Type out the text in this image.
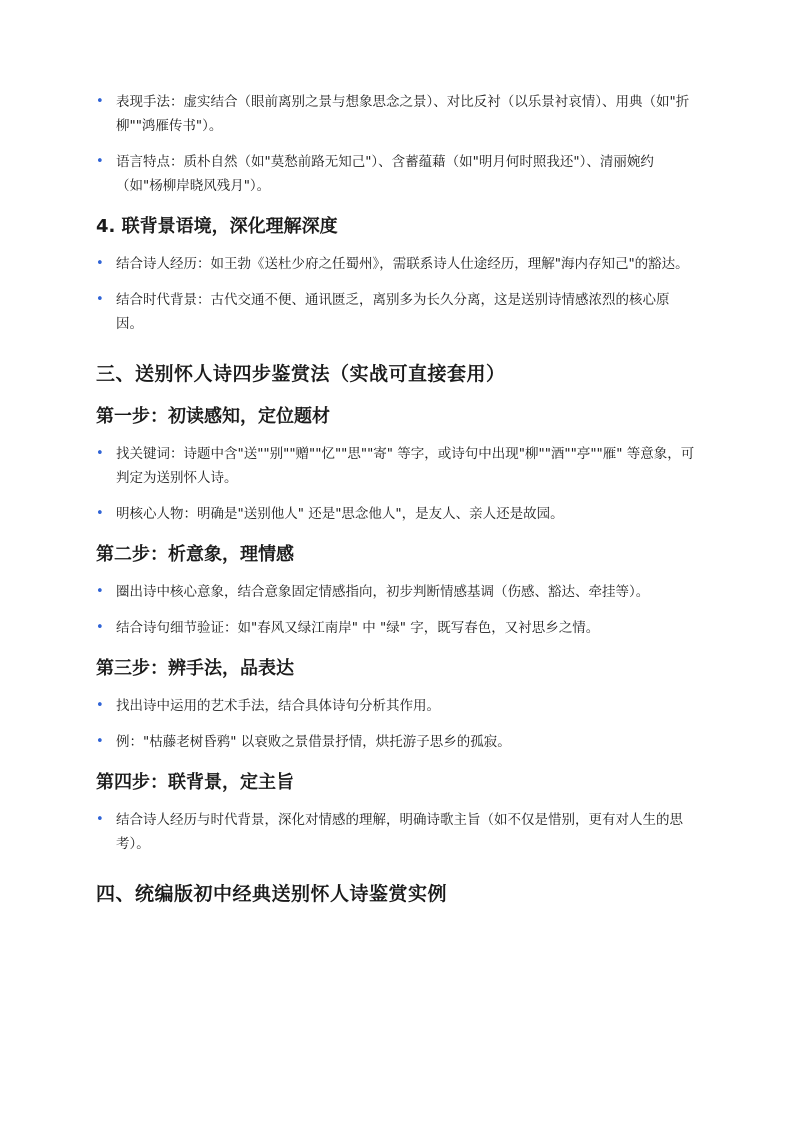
• 表现手法：虚实结合（眼前离别之景与想象思念之景）、对比反衬（以乐景衬哀情）、用典（如"折柳""鸿雁传书"）。
• 语言特点：质朴自然（如"莫愁前路无知己"）、含蓄蕴藉（如"明月何时照我还"）、清丽婉约（如"杨柳岸晓风残月"）。
4. 联背景语境，深化理解深度
• 结合诗人经历：如王勃《送杜少府之任蜀州》，需联系诗人仕途经历，理解"海内存知己"的豁达。
• 结合时代背景：古代交通不便、通讯匮乏，离别多为长久分离，这是送别诗情感浓烈的核心原因。
三、送别怀人诗四步鉴赏法（实战可直接套用）
第一步：初读感知，定位题材
• 找关键词：诗题中含"送""别""赠""忆""思""寄" 等字，或诗句中出现"柳""酒""亭""雁" 等意象，可判定为送别怀人诗。
• 明核心人物：明确是"送别他人" 还是"思念他人"，是友人、亲人还是故园。
第二步：析意象，理情感
• 圈出诗中核心意象，结合意象固定情感指向，初步判断情感基调（伤感、豁达、牵挂等）。
• 结合诗句细节验证：如"春风又绿江南岸" 中 "绿" 字，既写春色，又衬思乡之情。
第三步：辨手法，品表达
• 找出诗中运用的艺术手法，结合具体诗句分析其作用。
• 例："枯藤老树昏鸦" 以衰败之景借景抒情，烘托游子思乡的孤寂。
第四步：联背景，定主旨
• 结合诗人经历与时代背景，深化对情感的理解，明确诗歌主旨（如不仅是惜别，更有对人生的思考）。
四、统编版初中经典送别怀人诗鉴赏实例
